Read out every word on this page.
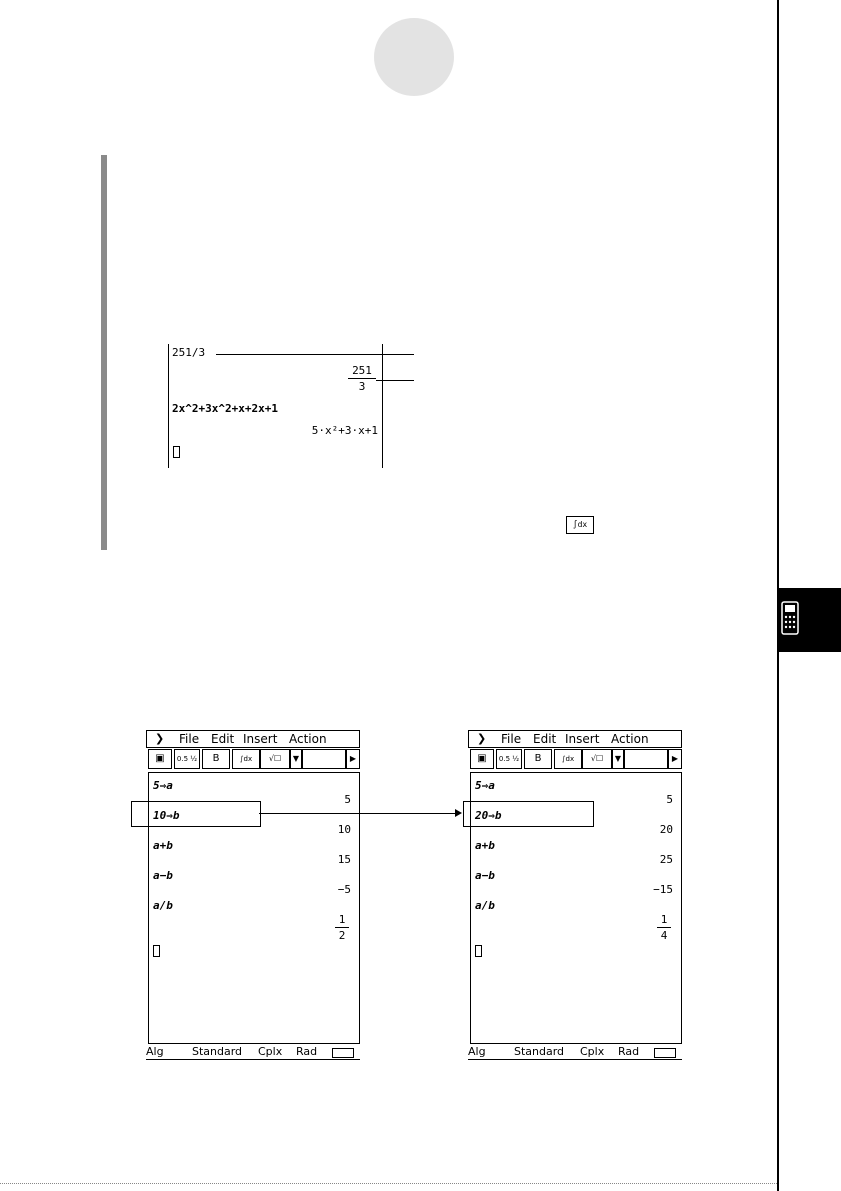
251/3
251
3
2x^2+3x^2+x+2x+1
5·x²+3·x+1
∫dx
❯ File Edit Insert Action
▣	0.5 ½	B	∫dx	√☐	▼	▶
5⇒a
5
10⇒b
10
a+b
15
a−b
−5
a/b
1
2
Alg	Standard Cplx Rad
❯ File Edit Insert Action
▣	0.5 ½	B	∫dx	√☐	▼	▶
5⇒a
5
20⇒b
20
a+b
25
a−b
−15
a/b
1
4
Alg	Standard Cplx Rad
